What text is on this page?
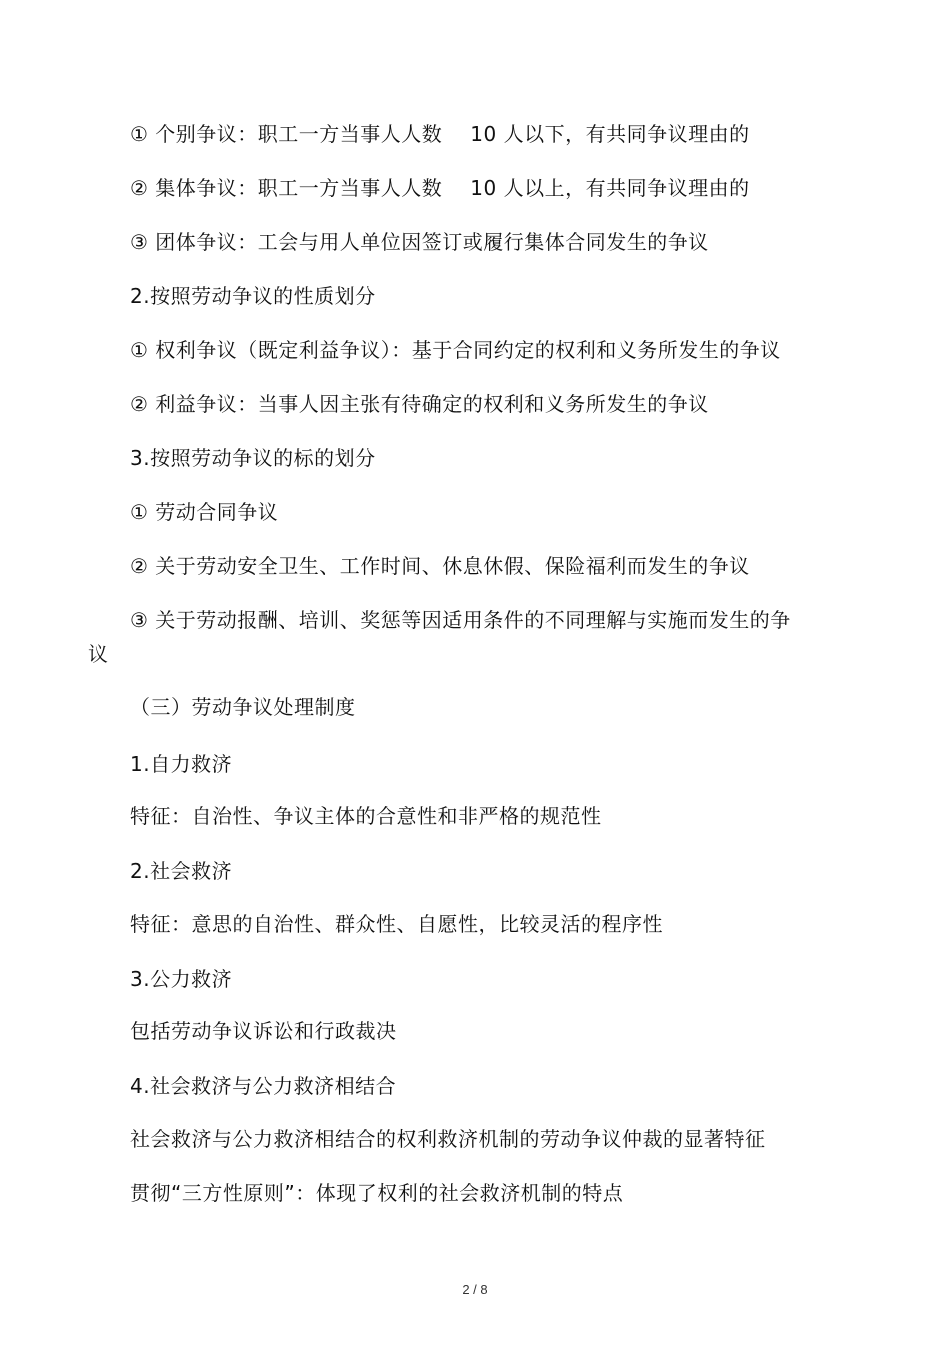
① 个别争议：职工一方当事人人数 10 人以下，有共同争议理由的
② 集体争议：职工一方当事人人数 10 人以上，有共同争议理由的
③ 团体争议：工会与用人单位因签订或履行集体合同发生的争议
2.按照劳动争议的性质划分
① 权利争议（既定利益争议）：基于合同约定的权利和义务所发生的争议
② 利益争议：当事人因主张有待确定的权利和义务所发生的争议
3.按照劳动争议的标的划分
① 劳动合同争议
② 关于劳动安全卫生、工作时间、休息休假、保险福利而发生的争议
③ 关于劳动报酬、培训、奖惩等因适用条件的不同理解与实施而发生的争
议
（三）劳动争议处理制度
1.自力救济
特征：自治性、争议主体的合意性和非严格的规范性
2.社会救济
特征：意思的自治性、群众性、自愿性，比较灵活的程序性
3.公力救济
包括劳动争议诉讼和行政裁决
4.社会救济与公力救济相结合
社会救济与公力救济相结合的权利救济机制的劳动争议仲裁的显著特征
贯彻“三方性原则”：体现了权利的社会救济机制的特点
2 / 8
